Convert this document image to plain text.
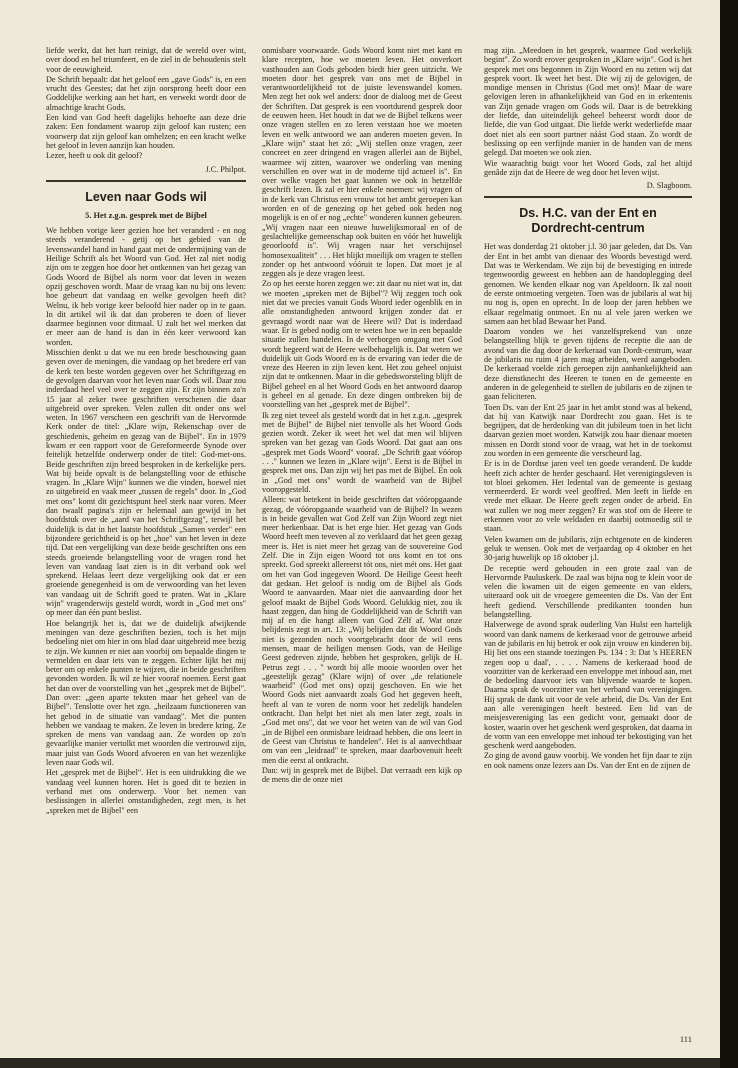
liefde werkt, dat het hart reinigt, dat de wereld over wint, over dood en hel triumfeert, en de ziel in de behoudenis stelt voor de eeuwigheid.

De Schrift bepaalt: dat het geloof een „gave Gods" is, en een vrucht des Geestes; dat het zijn oorsprong heeft door een Goddelijke werking aan het hart, en verwekt wordt door de almachtige kracht Gods.

Een kind van God heeft dagelijks behoefte aan deze drie zaken: Een fondament waarop zijn geloof kan rusten; een voorwerp dat zijn geloof kan omhelzen; en een kracht welke het geloof in leven aanzijn kan houden.

Lezer, heeft u ook dit geloof?

J.C. Philpot.
Leven naar Gods wil
5. Het z.g.n. gesprek met de Bijbel

We hebben vorige keer gezien hoe het veranderd - en nog steeds veranderend - getij op het gebied van de levenswandel hand in hand gaat met de ondermijning van de Heilige Schrift als het Woord van God. Het zal niet nodig zijn om te zeggen hoe door het ontkennen van het gezag van Gods Woord de Bijbel als norm voor dat leven in wezen opzij geschoven wordt. Maar de vraag kan nu bij ons leven: hoe gebeurt dat vandaag en welke gevolgen heeft dit? Welnu, ik heb vorige keer beloofd hier nader op in te gaan. In dit artikel wil ik dat dan proberen te doen of liever daarmee beginnen voor ditmaal. U zult het wel merken dat er meer aan de hand is dan in één keer verwoord kan worden.

Misschien denkt u dat we nu een brede beschouwing gaan geven over de meningen, die vandaag op het bredere erf van de kerk ten beste worden gegeven over het Schriftgezag en de gevolgen daarvan voor het leven naar Gods wil. Daar zou inderdaad heel veel over te zeggen zijn. Er zijn binnen zo'n 15 jaar al zeker twee geschriften verschenen die daar uitgebreid over spreken. Velen zullen dit onder ons wel weten. In 1967 verscheen een geschrift van de Hervormde Kerk onder de titel: „Klare wijn, Rekenschap over de geschiedenis, geheim en gezag van de Bijbel". En in 1979 kwam er een rapport voor de Gereformeerde Synode over feitelijk hetzelfde onderwerp onder de titel: God-met-ons. Beide geschriften zijn breed besproken in de kerkelijke pers. Wat bij beide opvalt is de belangstelling voor de ethische vragen. In „Klare Wijn" kunnen we die vinden, hoewel niet zo uitgebreid en vaak meer „tussen de regels" door. In „God met ons" komt dit gezichtspunt heel sterk naar voren. Meer dan twaalf pagina's zijn er helemaal aan gewijd in het hoofdstuk over de „aard van het Schriftgezag", terwijl het duidelijk is dat in het laatste hoofdstuk „Samen verder" een bijzondere gerichtheid is op het „hoe" van het leven in deze tijd. Dat een vergelijking van deze beide geschriften ons een steeds groeiende belangstelling voor de vragen rond het leven van vandaag laat zien is in dit verband ook wel sprekend. Helaas leert deze vergelijking ook dat er een groeiende genegenheid is om de verwoording van het leven van vandaag uit de Schrift goed te praten. Wat in „Klare wijn" vragenderwijs gesteld wordt, wordt in „God met ons" op meer dan één punt beslist.

Hoe belangrijk het is, dat we de duidelijk afwijkende meningen van deze geschriften bezien, toch is het mijn bedoeling niet om hier in ons blad daar uitgebreid mee bezig te zijn. We kunnen er niet aan voorbij om bepaalde dingen te vermelden en daar iets van te zeggen. Echter lijkt het mij beter om op enkele punten te wijzen, die in beide geschriften gevonden worden. Ik wil ze hier vooraf noemen. Eerst gaat het dan over de voorstelling van het „gesprek met de Bijbel". Dan over: „geen aparte teksten maar het geheel van de Bijbel". Tenslotte over het zgn. „heilzaam functioneren van het gebod in de situatie van vandaag". Met die punten hebben we vandaag te maken. Ze leven in bredere kring. Ze spreken de mens van vandaag aan. Ze worden op zo'n gevaarlijke manier vertolkt met woorden die vertrouwd zijn, maar juist van Gods Woord afvoeren en van het wezenlijke leven naar Gods wil.

Het „gesprek met de Bijbel". Het is een uitdrukking die we vandaag veel kunnen horen. Het is goed dit te bezien in verband met ons onderwerp. Voor het nemen van beslissingen in allerlei omstandigheden, zegt men, is het „spreken met de Bijbel" een

onmisbare voorwaarde. Gods Woord komt niet met kant en klare recepten, hoe we moeten leven. Het onverkort vasthouden aan Gods geboden biedt hier geen uitzicht. We moeten door het gesprek van ons met de Bijbel in verantwoordelijkheid tot de juiste levenswandel komen. Men zegt het ook wel anders: door de dialoog met de Geest der Schriften. Dat gesprek is een voortdurend gesprek door de eeuwen heen. Het houdt in dat we de Bijbel telkens weer onze vragen stellen en zo leren verstaan hoe we moeten leven en welk antwoord we aan anderen moeten geven. In „Klare wijn" staat het zó: „Wij stellen onze vragen, zeer concreet en zeer dringend en vragen allerlei aan de Bijbel, waarmee wij zitten, waarover we onderling van mening verschillen en over wat in de moderne tijd actueel is". En over welke vragen het gaat kunnen we ook in hetzelfde geschrift lezen. Ik zal er hier enkele noemen: wij vragen of in de kerk van Christus een vrouw tot het ambt geroepen kan worden en of de genezing op het gebed ook heden nog mogelijk is en of er nog „echte" wonderen kunnen gebeuren. „Wij vragen naar een nieuwe huwelijksmoraal en of de geslachtelijke gemeenschap ook buiten en vóór het huwelijk geoorloofd is". Wij vragen naar het verschijnsel homosexualiteit" . . . Het blijkt moeilijk om vragen te stellen zonder op het antwoord vóóruit te lopen. Dat moet je al zeggen als je deze vragen leest.

Zo op het eerste horen zeggen we: zit daar nu niet wat in, dat we moeten „spreken met de Bijbel"? Wij zeggen toch ook niet dat we precies vanuit Gods Woord ieder ogenblik en in alle omstandigheden antwoord krijgen zonder dat er gevraagd wordt naar wat de Heere wil? Dat is inderdaad waar. Er is gebed nodig om te weten hoe we in een bepaalde situatie zullen handelen. In de verborgen omgang met God wordt begeerd wat de Heere welbehagelijk is. Dat weten we duidelijk uit Gods Woord en is de ervaring van ieder die de vreze des Heeren in zijn leven kent. Het zou geheel onjuist zijn dat te ontkennen. Maar in die gebedsworsteling blijft de Bijbel geheel en al het Woord Gods en het antwoord daarop is geheel en al genade. En deze dingen ontbreken bij de voorstelling van het „gesprek met de Bijbel".

Ik zeg niet teveel als gesteld wordt dat in het z.g.n. „gesprek met de Bijbel" de Bijbel niet tenvolle als het Woord Gods gezien wordt. Zeker ik weet het wel dat men wil blijven spreken van het gezag van Gods Woord. Dat gaat aan ons „gesprek met Gods Woord" vooraf. „De Schrift gaat vóórop . . ." kunnen we lezen in „Klare wijn". Eerst is de Bijbel in gesprek met ons. Dan zijn wij het pas met de Bijbel. En ook in „God met ons" wordt de waarheid van de Bijbel vooropgesteld.

Alleen: wat betekent in beide geschriften dat vóóropgaande gezag, de vóóropgaande waarheid van de Bijbel? In wezen is in beide gevallen wat God Zelf van Zijn Woord zegt niet meer herkenbaar. Dat is het erge hier. Het gezag van Gods Woord heeft men teveven al zo verklaard dat het geen gezag meer is. Het is niet meer het gezag van de souvereine God Zelf. Die in Zijn eigen Woord tot ons komt en tot ons spreekt. God spreekt allereerst tót ons, niet mét ons. Het gaat om het van God ingegeven Woord. De Heilige Geest heeft dat gedaan. Het geloof is nodig om de Bijbel als Gods Woord te aanvaarden. Maar niet die aanvaarding door het geloof maakt de Bijbel Gods Woord. Gelukkig niet, zou ik haast zeggen, dan hing de Goddelijkheid van de Schrift van mij af en die hangt alleen van God Zélf af. Wat onze belijdenis zegt in art. 13: „Wij belijden dat dit Woord Gods niet is gezonden noch voortgebracht door de wil eens mensen, maar de heiligen mensen Gods, van de Heilige Geest gedreven zijnde, hebben het gesproken, gelijk de H. Petrus zegt . . . " wordt bij alle mooie woorden over het „geestelijk gezag" (Klare wijn) of over „de relationele waarheid" (God met ons) opzij geschoven. En wie het Woord Gods niet aanvaardt zoals God het gegeven heeft, heeft al van te voren de norm voor het zedelijk handelen ontkracht. Dan helpt het niet als men later zegt, zoals in „God met ons", dat we voor het weten van de wil van God „in de Bijbel een onmisbare leidraad hebben, die ons leert in de Geest van Christus te handelen". Het is al aanvechtbaar om van een „leidraad" te spreken, maar daarbovenuit heeft men die eerst al ontkracht.

Dan: wij in gesprek met de Bijbel. Dat verraadt een kijk op de mens die de onze niet

mag zijn. „Meedoen in het gesprek, waarmee God werkelijk begint". Zo wordt erover gesproken in „Klare wijn". God is het gesprek met ons begonnen in Zijn Woord en nu zetten wij dat gesprek voort. Ik weet het best. Die wij zij de gelovigen, de mondige mensen in Christus (God met ons)! Maar de ware gelovigen leren in afhankelijkheid van God en in erkentenis van Zijn genade vragen om Gods wil. Daar is de betrekking der liefde, dan uiteindelijk geheel beheerst wordt door de liefde, die van God uitgaat. Die liefde werkt wederliefde maar doet niet als een soort partner náást God staan. Zo wordt de beslissing op een verfijnde manier in de handen van de mens gelegd. Dat moeten we ook zien.

Wie waarachtig buigt voor het Woord Gods, zal het altijd genâde zijn dat de Heere de weg door het leven wijst.

D. Slagboom.
Ds. H.C. van der Ent en
Dordrecht-centrum

Het was donderdag 21 oktober j.l. 30 jaar geleden, dat Ds. Van der Ent in het ambt van dienaar des Woords bevestigd werd. Dat was te Werkendam. We zijn bij de bevestiging en intrede tegenwoordig geweest en hebben aan de handoplegging deel genomen. We kenden elkaar nog van Apeldoorn. Ik zal nooit de eerste ontmoeting vergeten. Toen was de jubilaris al wat bij nu nog is, open en oprecht. In de loop der jaren hebben we elkaar regelmatig ontmoet. En nu al vele jaren werken we samen aan het blad Bewaar het Pand.

Daarom vonden we het vanzelfsprekend van onze belangstelling blijk te geven tijdens de receptie die aan de avond van die dag door de kerkeraad van Dordt-centrum, waar de jubilaris nu ruim 4 jaren mag arbeiden, werd aangeboden. De kerkeraad voelde zich geroepen zijn aanhankelijkheid aan deze dienstknecht des Heeren te tonen en de gemeente en anderen in de gelegenheid te stellen de jubilaris en de zijnen te gaan feliciteren.

Toen Ds. van der Ent 25 jaar in het ambt stond was al bekend, dat hij van Katwijk naar Dordrecht zou gaan. Het is te begrijpen, dat de herdenking van dit jubileum toen in het licht daarvan gezien moet worden. Katwijk zou haar dienaar moeten missen en Dordt stond voor de vraag, wat het in de toekomst zou worden in een gemeente die verscheurd lag.

Er is in de Dordtse jaren veel ten goede veranderd. De kudde heeft zich achter de herder geschaard. Het verenigingsleven is tot bloei gekomen. Het ledental van de gemeente is gestaag vermeerderd. Er wordt veel geoffred. Men leeft in liefde en vrede met elkaar. De Heere geeft zegen onder de arbeid. En wat zullen we nog meer zeggen? Er was stof om de Heere te erkennen voor zo vele weldaden en daarbij ootmoedig stil te staan.

Velen kwamen om de jubilaris, zijn echtgenote en de kinderen geluk te wensen. Ook met de verjaardag op 4 oktober en het 30-jarig huwelijk op 18 oktober j.l.

De receptie werd gehouden in een grote zaal van de Hervormde Pauluskerk. De zaal was bijna nog te klein voor de velen die kwamen uit de eigen gemeente en van elders, uiteraard ook uit de vroegere gemeenten die Ds. Van der Ent heeft gediend. Verschillende predikanten toonden hun belangstelling.

Halverwege de avond sprak ouderling Van Hulst een hartelijk woord van dank namens de kerkeraad voor de getrouwe arbeid van de jubilaris en hij betrok er ook zijn vrouw en kinderen bij. Hij liet ons een staande toezingen Ps. 134 : 3: Dat 's HEEREN zegen oop u daal', . . . . Namens de kerkeraad bood de voorzitter van de kerkeraad een enveloppe met inhoud aan, met de bedoeling daarvoor iets van blijvende waarde te kopen. Daarna sprak de voorzitter van het verband van verenigingen. Hij sprak de dank uit voor de vele arbeid, die Ds. Van der Ent aan alle verenigingen heeft besteed. Een lid van de meisjesvereniging las een gedicht voor, gemaakt door de koster, waarin over het geschenk werd gesproken, dat daarna in de vorm van een enveloppe met inhoud ter bekostiging van het geschenk werd aangeboden.

Zo ging de avond gauw voorbij. We vonden het fijn daar te zijn en ook namens onze lezers aan Ds. Van der Ent en de zijnen de

111
